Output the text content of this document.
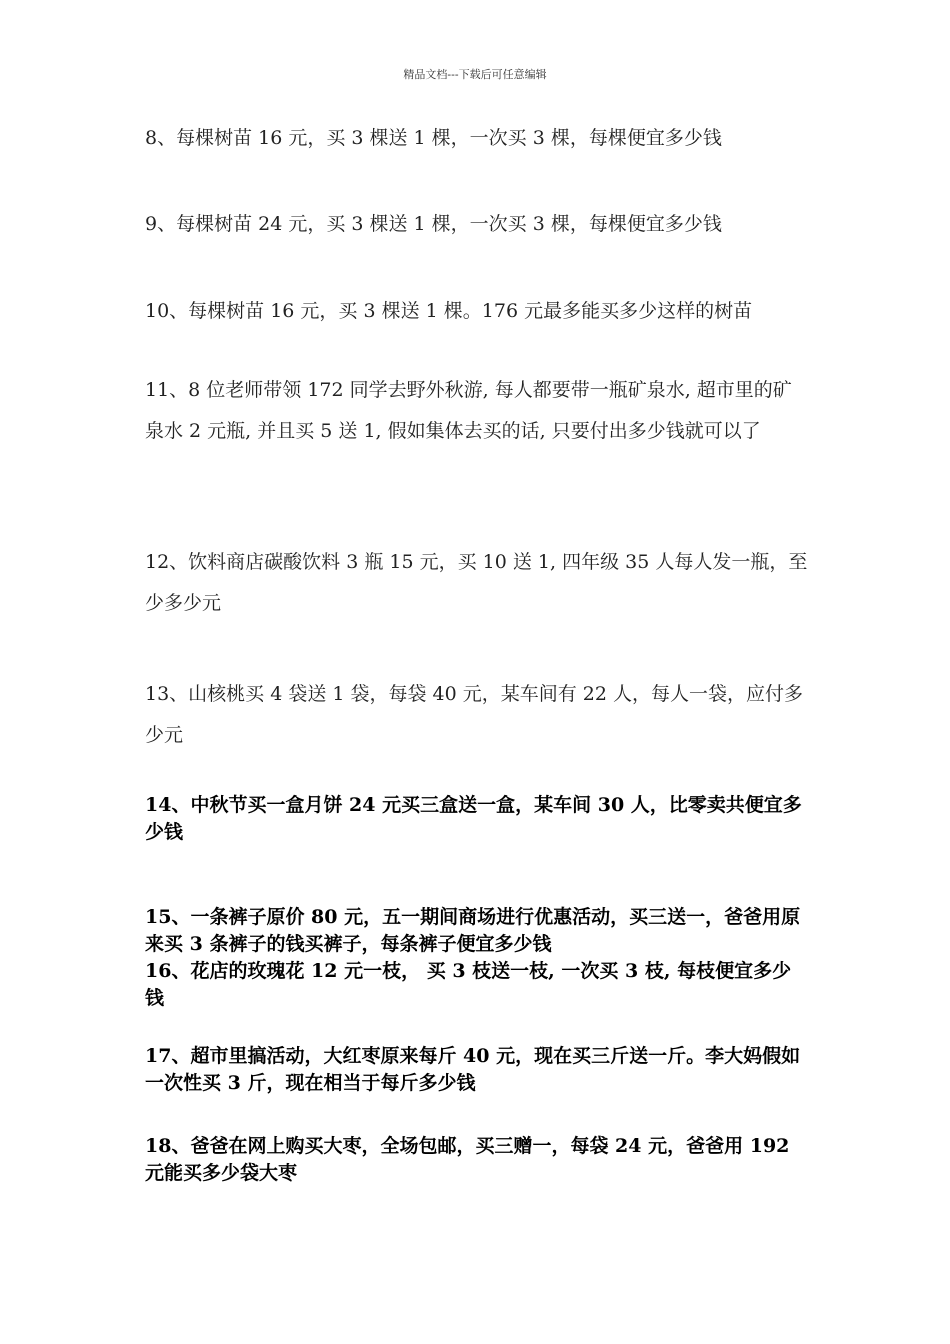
精品文档---下载后可任意编辑

8、每棵树苗 16 元，买 3 棵送 1 棵，一次买 3 棵，每棵便宜多少钱

9、每棵树苗 24 元，买 3 棵送 1 棵，一次买 3 棵，每棵便宜多少钱

10、每棵树苗 16 元，买 3 棵送 1 棵。176 元最多能买多少这样的树苗

11、8 位老师带领 172 同学去野外秋游, 每人都要带一瓶矿泉水, 超市里的矿泉水 2 元瓶, 并且买 5 送 1, 假如集体去买的话, 只要付出多少钱就可以了

12、饮料商店碳酸饮料 3 瓶 15 元，买 10 送 1, 四年级 35 人每人发一瓶，至少多少元

13、山核桃买 4 袋送 1 袋，每袋 40 元，某车间有 22 人，每人一袋，应付多少元

14、中秋节买一盒月饼 24 元买三盒送一盒，某车间 30 人，比零卖共便宜多少钱

15、一条裤子原价 80 元，五一期间商场进行优惠活动，买三送一，爸爸用原来买 3 条裤子的钱买裤子，每条裤子便宜多少钱

16、花店的玫瑰花 12 元一枝， 买 3 枝送一枝, 一次买 3 枝, 每枝便宜多少钱

17、超市里搞活动，大红枣原来每斤 40 元，现在买三斤送一斤。李大妈假如一次性买 3 斤，现在相当于每斤多少钱

18、爸爸在网上购买大枣，全场包邮，买三赠一，每袋 24 元，爸爸用 192 元能买多少袋大枣
